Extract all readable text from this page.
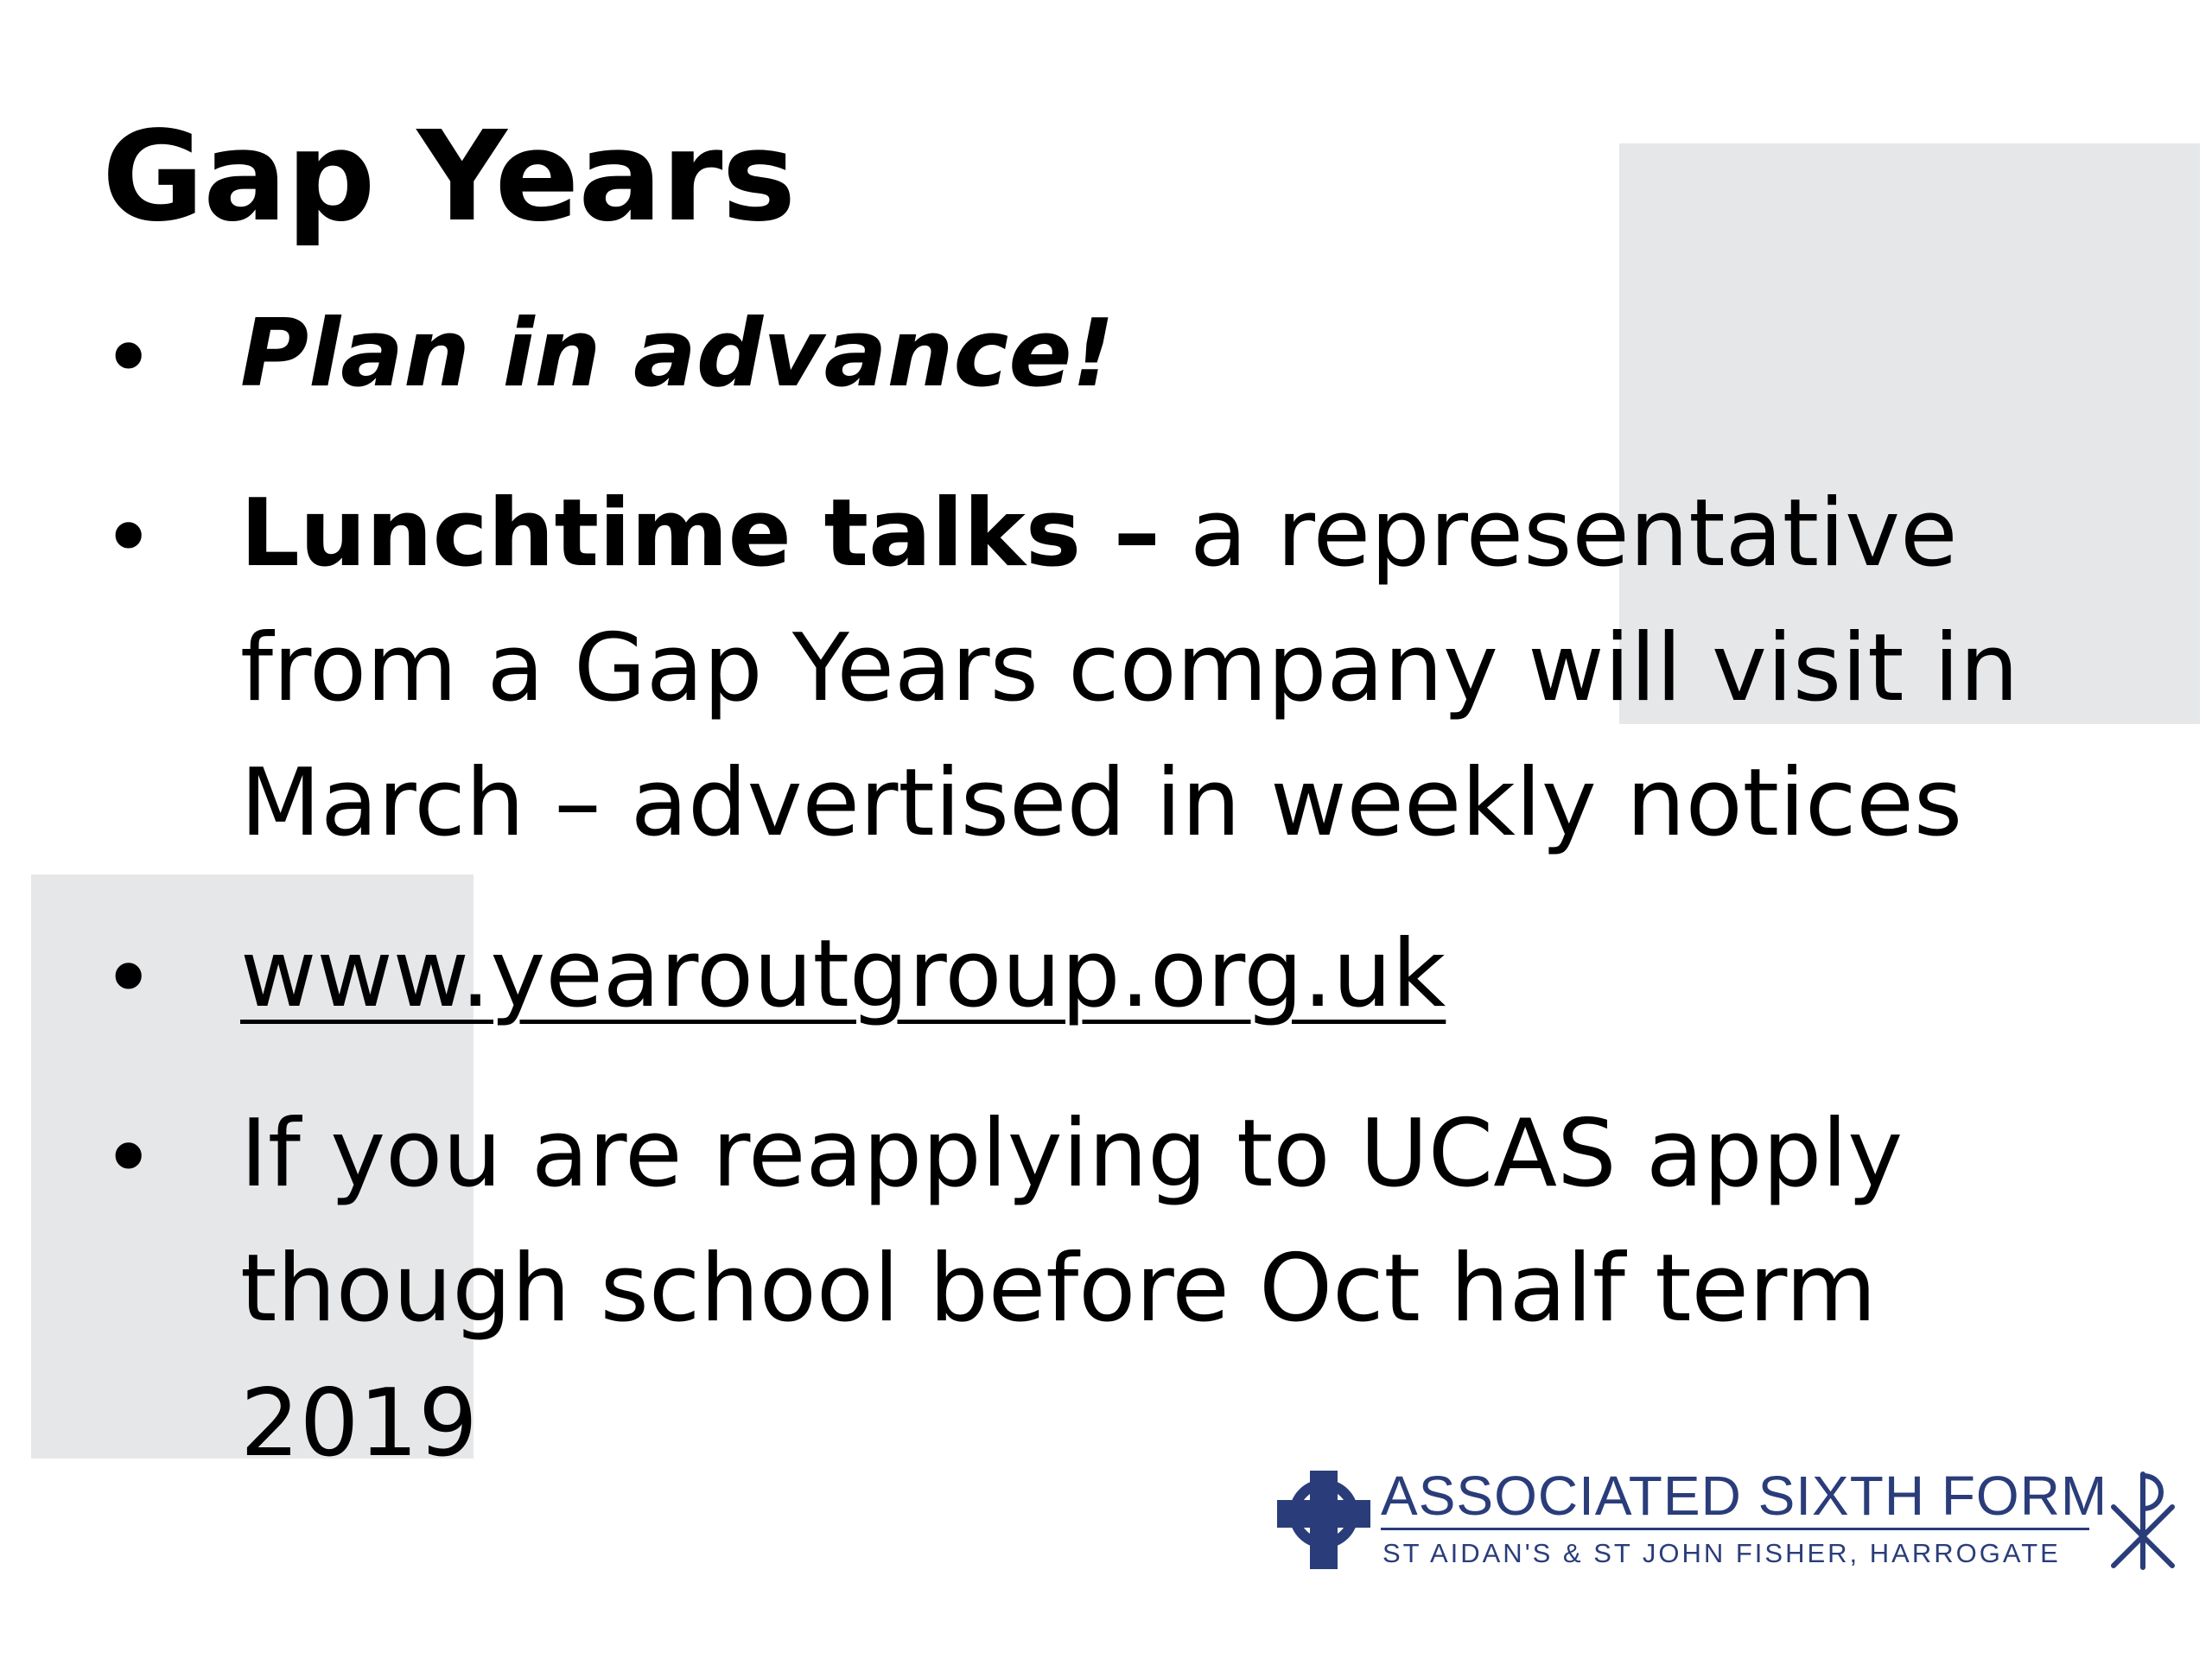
Gap Years
• Plan in advance!

• Lunchtime talks – a representative from a Gap Years company will visit in March – advertised in weekly notices

• www.yearoutgroup.org.uk

• If you are reapplying to UCAS apply though school before Oct half term 2019

ASSOCIATED SIXTH FORM
ST AIDAN'S & ST JOHN FISHER, HARROGATE
